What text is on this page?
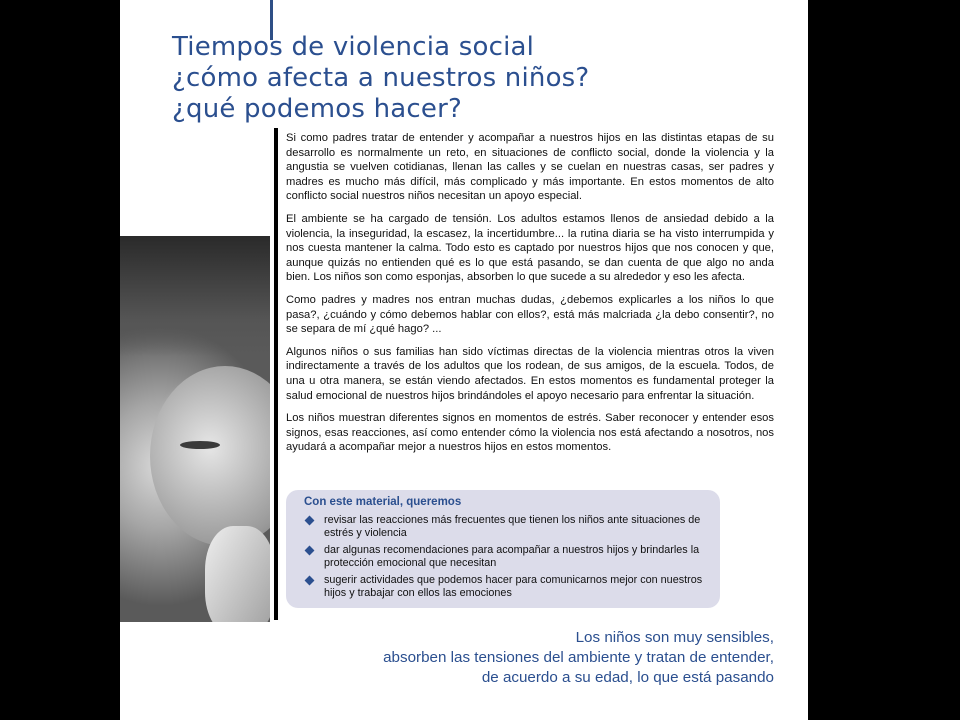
Tiempos de violencia social
¿cómo afecta a nuestros niños?
¿qué podemos hacer?

Si como padres tratar de entender y acompañar a nuestros hijos en las distintas etapas de su desarrollo es normalmente un reto, en situaciones de conflicto social, donde la violencia y la angustia se vuelven cotidianas, llenan las calles y se cuelan en nuestras casas, ser padres y madres es mucho más difícil, más complicado y más importante. En estos momentos de alto conflicto social nuestros niños necesitan un apoyo especial.

El ambiente se ha cargado de tensión. Los adultos estamos llenos de ansiedad debido a la violencia, la inseguridad, la escasez, la incertidumbre... la rutina diaria se ha visto interrumpida y nos cuesta mantener la calma. Todo esto es captado por nuestros hijos que nos conocen y que, aunque quizás no entienden qué es lo que está pasando, se dan cuenta de que algo no anda bien. Los niños son como esponjas, absorben lo que sucede a su alrededor y eso les afecta.

Como padres y madres nos entran muchas dudas, ¿debemos explicarles a los niños lo que pasa?, ¿cuándo y cómo debemos hablar con ellos?, está más malcriada ¿la debo consentir?, no se separa de mí ¿qué hago? ...

Algunos niños o sus familias han sido víctimas directas de la violencia mientras otros la viven indirectamente a través de los adultos que los rodean, de sus amigos, de la escuela. Todos, de una u otra manera, se están viendo afectados. En estos momentos es fundamental proteger la salud emocional de nuestros hijos brindándoles el apoyo necesario para enfrentar la situación.

Los niños muestran diferentes signos en momentos de estrés. Saber reconocer y entender esos signos, esas reacciones, así como entender cómo la violencia nos está afectando a nosotros, nos ayudará a acompañar mejor a nuestros hijos en estos momentos.

Con este material, queremos
revisar las reacciones más frecuentes que tienen los niños ante situaciones de estrés y violencia
dar algunas recomendaciones para acompañar a nuestros hijos y brindarles la protección emocional que necesitan
sugerir actividades que podemos hacer para comunicarnos mejor con nuestros hijos y trabajar con ellos las emociones

Los niños son muy sensibles,
absorben las tensiones del ambiente y tratan de entender,
de acuerdo a su edad, lo que está pasando
